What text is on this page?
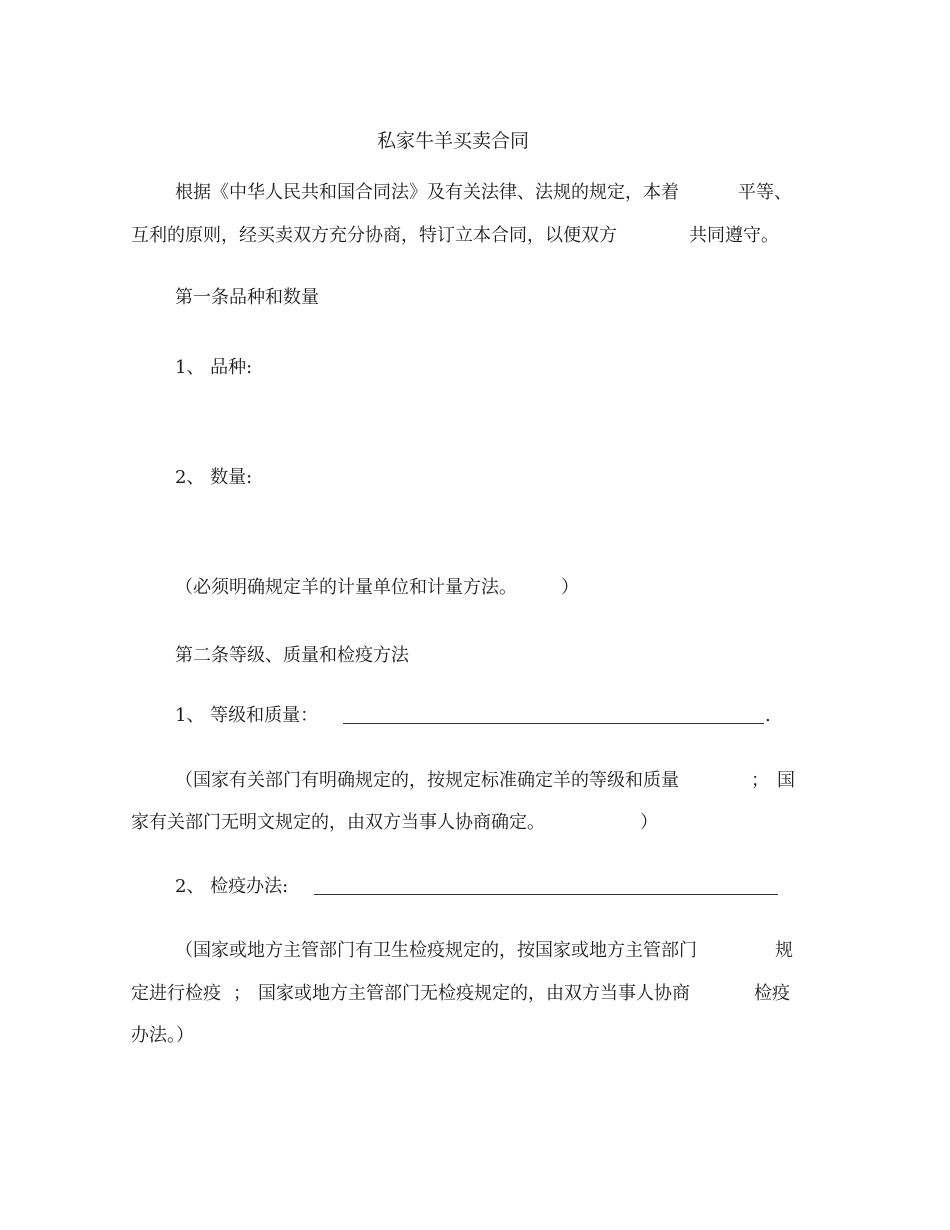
私家牛羊买卖合同
根据《中华人民共和国合同法》及有关法律、法规的规定，本着	平等、
互利的原则，经买卖双方充分协商，特订立本合同，以便双方	共同遵守。
第一条品种和数量
1、 品种:
2、 数量:
（必须明确规定羊的计量单位和计量方法。 ）
第二条等级、质量和检疫方法
1、 等级和质量：	.
（国家有关部门有明确规定的，按规定标准确定羊的等级和质量	； 国
家有关部门无明文规定的，由双方当事人协商确定。	）
2、 检疫办法:
（国家或地方主管部门有卫生检疫规定的，按国家或地方主管部门	规
定进行检疫 ； 国家或地方主管部门无检疫规定的，由双方当事人协商	检疫
办法。）
